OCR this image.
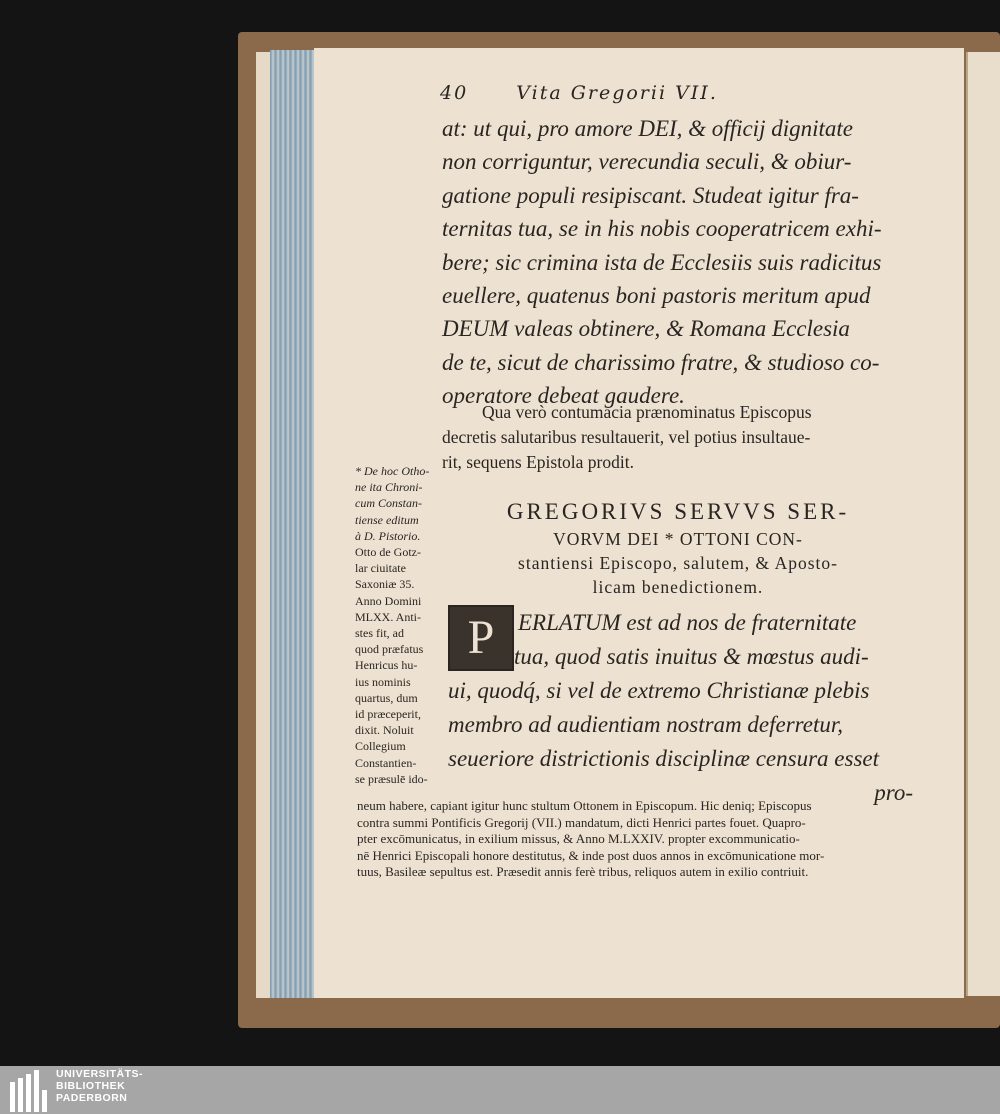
40	Vita Gregorii VII.
at: ut qui, pro amore DEI, & officij dignitate
non corriguntur, verecundia seculi, & obiur-
gatione populi resipiscant. Studeat igitur fra-
ternitas tua, se in his nobis cooperatricem exhi-
bere; sic crimina ista de Ecclesiis suis radicitus
euellere, quatenus boni pastoris meritum apud
DEUM valeas obtinere, & Romana Ecclesia
de te, sicut de charissimo fratre, & studioso co-
operatore debeat gaudere.
Qua verò contumacia prænominatus Episcopus
decretis salutaribus resultauerit, vel potius insultaue-
rit, sequens Epistola prodit.
* De hoc Otho-
ne ita Chroni-
cum Constan-
tiense editum
à D. Pistorio.
Otto de Gotz-
lar ciuitate
Saxoniæ 35.
Anno Domini
MLXX. Anti-
stes fit, ad
quod præfatus
Henricus hu-
ius nominis
quartus, dum
id præceperit,
dixit. Noluit
Collegium
Constantien-
se præsulē ido-
GREGORIVS SERVVS SER-
VORVM DEI * OTTONI CON-
stantiensi Episcopo, salutem, & Aposto-
licam benedictionem.
P	ERLATUM est ad nos de fraternitate
tua, quod satis inuitus & mœstus audi-
ui, quodq́, si vel de extremo Christianæ plebis
membro ad audientiam nostram deferretur,
seueriore districtionis disciplinæ censura esset
pro-
neum habere, capiant igitur hunc stultum Ottonem in Episcopum. Hic deniq; Episcopus
contra summi Pontificis Gregorij (VII.) mandatum, dicti Henrici partes fouet. Quapro-
pter excōmunicatus, in exilium missus, & Anno M.LXXIV. propter excommunicatio-
nē Henrici Episcopali honore destitutus, & inde post duos annos in excōmunicatione mor-
tuus, Basileæ sepultus est. Præsedit annis ferè tribus, reliquos autem in exilio contriuit.
UNIVERSITÄTS-
BIBLIOTHEK
PADERBORN
